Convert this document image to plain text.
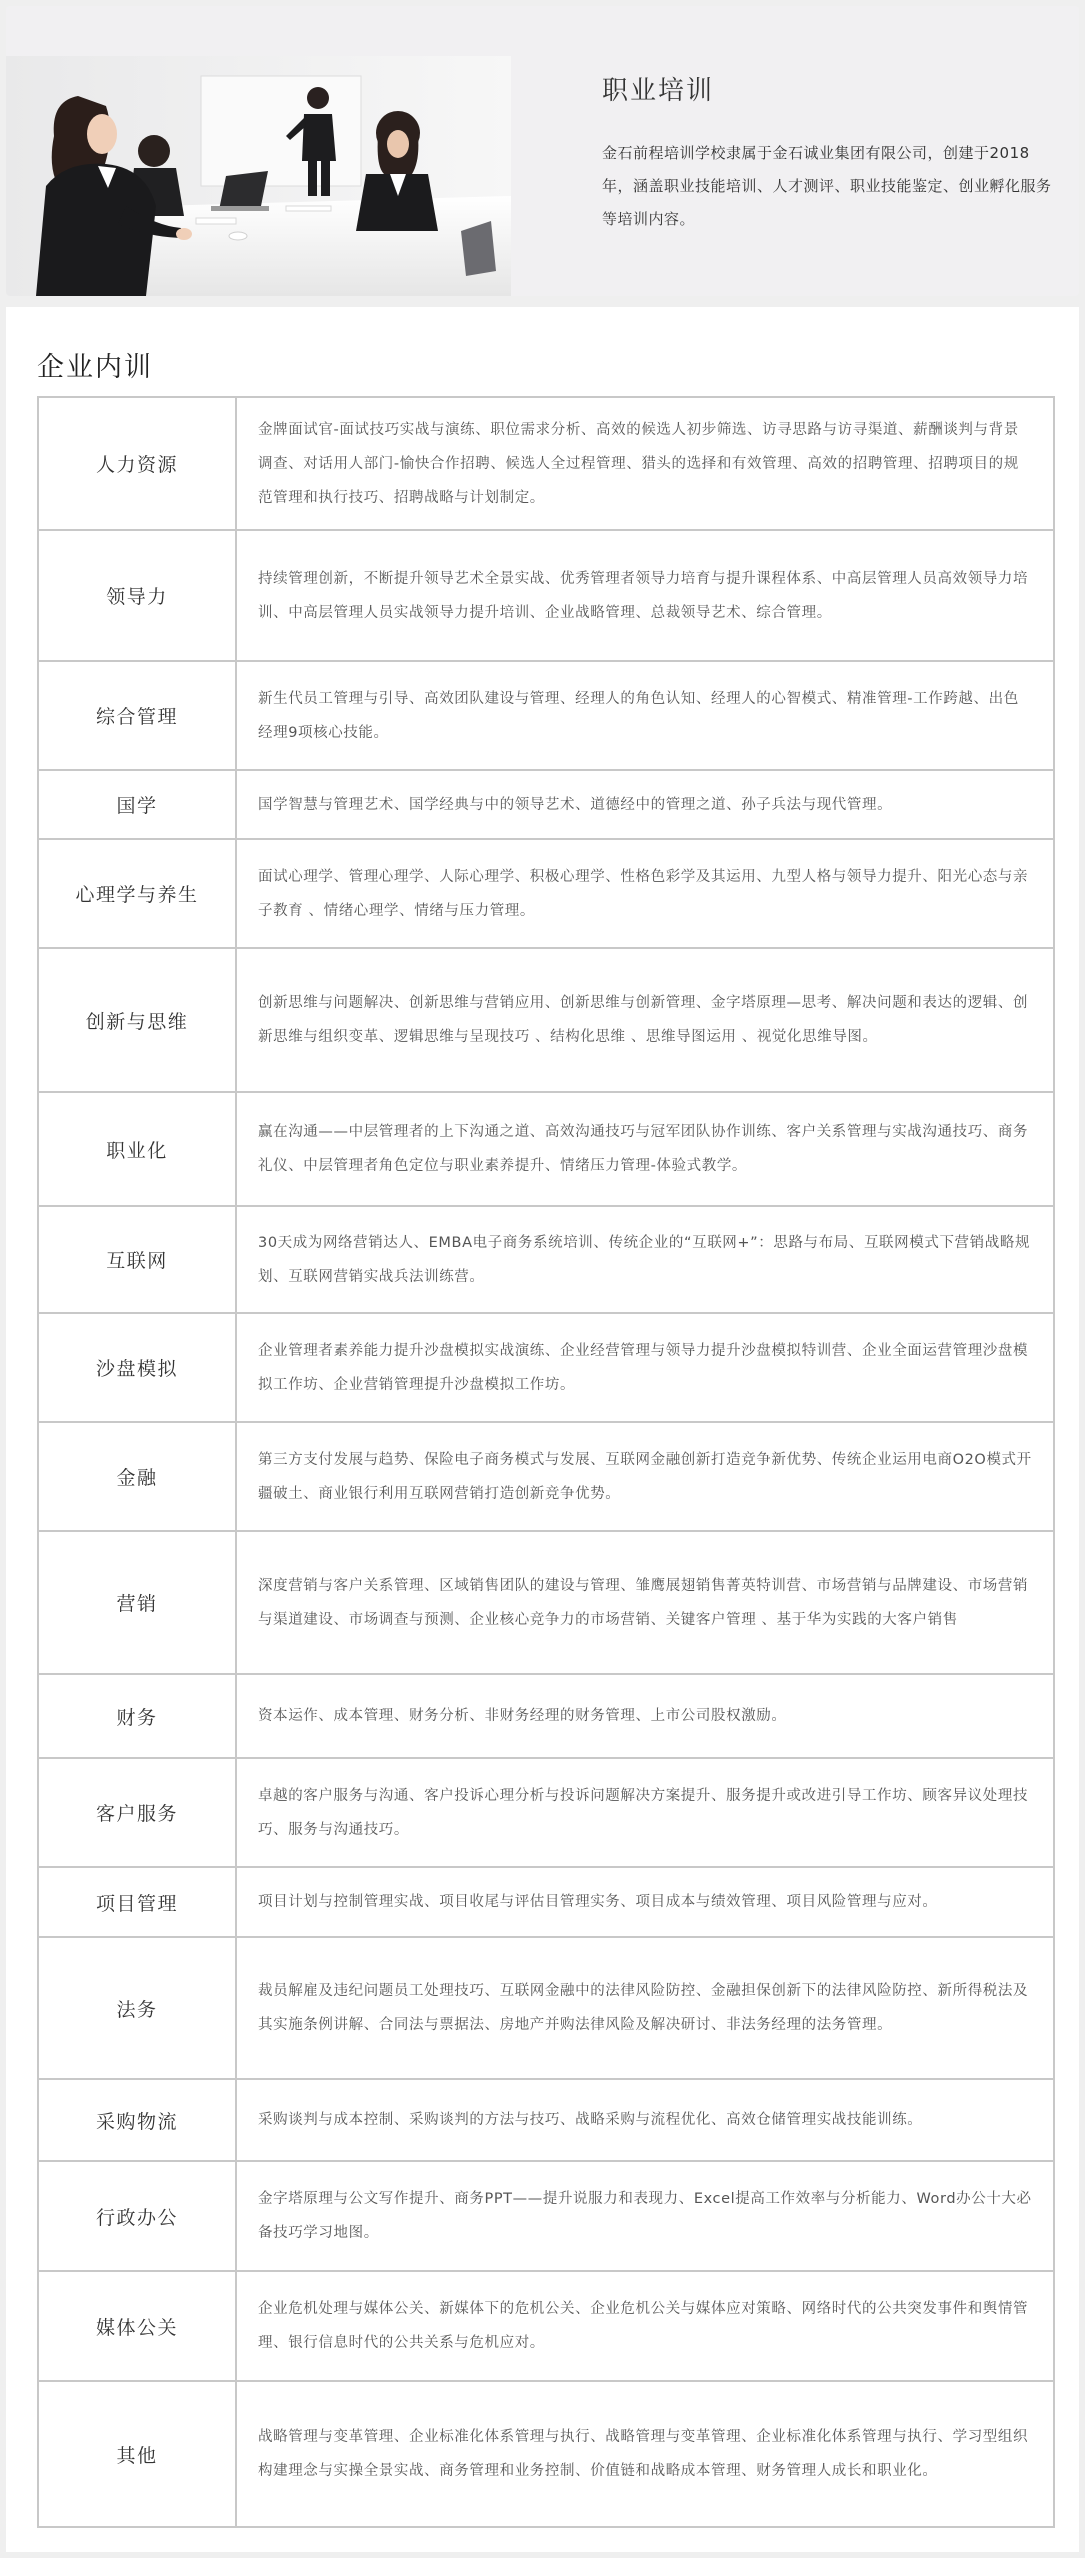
职业培训
金石前程培训学校隶属于金石诚业集团有限公司，创建于2018年，涵盖职业技能培训、人才测评、职业技能鉴定、创业孵化服务等培训内容。
企业内训
人力资源	金牌面试官-面试技巧实战与演练、职位需求分析、高效的候选人初步筛选、访寻思路与访寻渠道、薪酬谈判与背景调查、对话用人部门-愉快合作招聘、候选人全过程管理、猎头的选择和有效管理、高效的招聘管理、招聘项目的规范管理和执行技巧、招聘战略与计划制定。
领导力	持续管理创新，不断提升领导艺术全景实战、优秀管理者领导力培育与提升课程体系、中高层管理人员高效领导力培训、中高层管理人员实战领导力提升培训、企业战略管理、总裁领导艺术、综合管理。
综合管理	新生代员工管理与引导、高效团队建设与管理、经理人的角色认知、经理人的心智模式、精准管理-工作跨越、出色经理9项核心技能。
国学	国学智慧与管理艺术、国学经典与中的领导艺术、道德经中的管理之道、孙子兵法与现代管理。
心理学与养生	面试心理学、管理心理学、人际心理学、积极心理学、性格色彩学及其运用、九型人格与领导力提升、阳光心态与亲子教育 、情绪心理学、情绪与压力管理。
创新与思维	创新思维与问题解决、创新思维与营销应用、创新思维与创新管理、金字塔原理—思考、解决问题和表达的逻辑、创新思维与组织变革、逻辑思维与呈现技巧 、结构化思维 、思维导图运用 、视觉化思维导图。
职业化	赢在沟通——中层管理者的上下沟通之道、高效沟通技巧与冠军团队协作训练、客户关系管理与实战沟通技巧、商务礼仪、中层管理者角色定位与职业素养提升、情绪压力管理-体验式教学。
互联网	30天成为网络营销达人、EMBA电子商务系统培训、传统企业的“互联网+”：思路与布局、互联网模式下营销战略规划、互联网营销实战兵法训练营。
沙盘模拟	企业管理者素养能力提升沙盘模拟实战演练、企业经营管理与领导力提升沙盘模拟特训营、企业全面运营管理沙盘模拟工作坊、企业营销管理提升沙盘模拟工作坊。
金融	第三方支付发展与趋势、保险电子商务模式与发展、互联网金融创新打造竞争新优势、传统企业运用电商O2O模式开疆破土、商业银行利用互联网营销打造创新竞争优势。
营销	深度营销与客户关系管理、区域销售团队的建设与管理、雏鹰展翅销售菁英特训营、市场营销与品牌建设、市场营销与渠道建设、市场调查与预测、企业核心竞争力的市场营销、关键客户管理 、基于华为实践的大客户销售
财务	资本运作、成本管理、财务分析、非财务经理的财务管理、上市公司股权激励。
客户服务	卓越的客户服务与沟通、客户投诉心理分析与投诉问题解决方案提升、服务提升或改进引导工作坊、顾客异议处理技巧、服务与沟通技巧。
项目管理	项目计划与控制管理实战、项目收尾与评估目管理实务、项目成本与绩效管理、项目风险管理与应对。
法务	裁员解雇及违纪问题员工处理技巧、互联网金融中的法律风险防控、金融担保创新下的法律风险防控、新所得税法及其实施条例讲解、合同法与票据法、房地产并购法律风险及解决研讨、非法务经理的法务管理。
采购物流	采购谈判与成本控制、采购谈判的方法与技巧、战略采购与流程优化、高效仓储管理实战技能训练。
行政办公	金字塔原理与公文写作提升、商务PPT——提升说服力和表现力、Excel提高工作效率与分析能力、Word办公十大必备技巧学习地图。
媒体公关	企业危机处理与媒体公关、新媒体下的危机公关、企业危机公关与媒体应对策略、网络时代的公共突发事件和舆情管理、银行信息时代的公共关系与危机应对。
其他	战略管理与变革管理、企业标准化体系管理与执行、战略管理与变革管理、企业标准化体系管理与执行、学习型组织构建理念与实操全景实战、商务管理和业务控制、价值链和战略成本管理、财务管理人成长和职业化。
